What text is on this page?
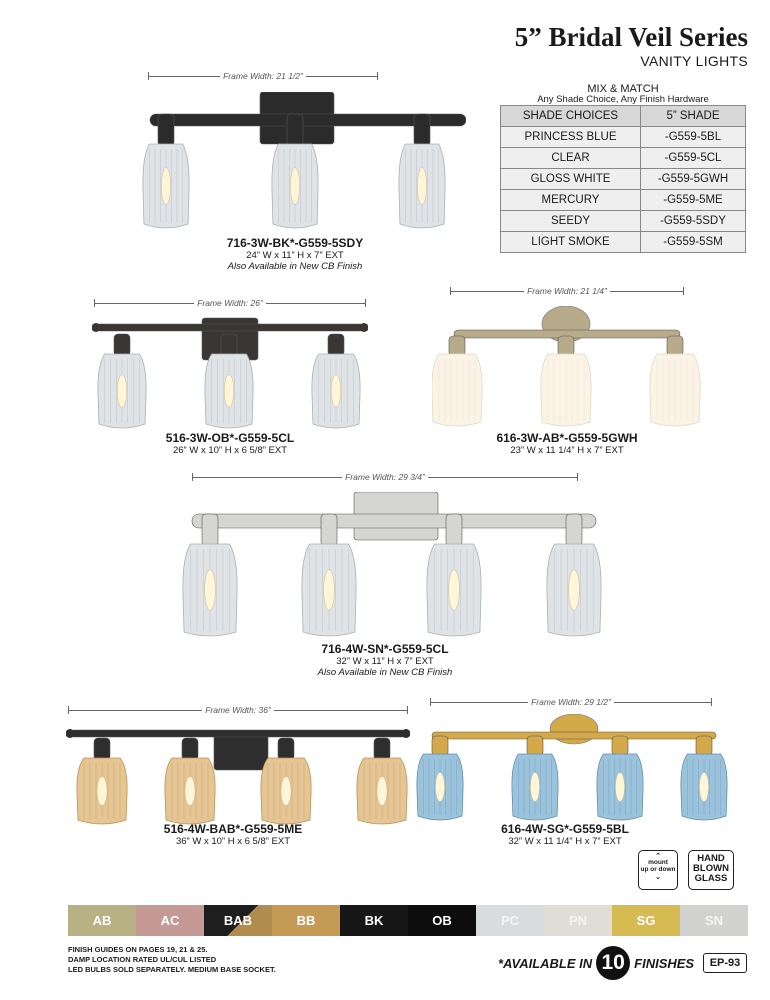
5” Bridal Veil Series
VANITY LIGHTS
MIX & MATCH
Any Shade Choice, Any Finish Hardware
SHADE CHOICES	5” SHADE
PRINCESS BLUE	-G559-5BL
CLEAR	-G559-5CL
GLOSS WHITE	-G559-5GWH
MERCURY	-G559-5ME
SEEDY	-G559-5SDY
LIGHT SMOKE	-G559-5SM
Frame Width: 21 1/2”
716-3W-BK*-G559-5SDY
24” W x 11” H x 7” EXT
Also Available in New CB Finish
Frame Width: 26”
516-3W-OB*-G559-5CL
26” W x 10” H x 6 5/8” EXT
Frame Width: 21 1/4”
616-3W-AB*-G559-5GWH
23” W x 11 1/4” H x 7” EXT
Frame Width: 29 3/4”
716-4W-SN*-G559-5CL
32” W x 11” H x 7” EXT
Also Available in New CB Finish
Frame Width: 36”
516-4W-BAB*-G559-5ME
36” W x 10” H x 6 5/8” EXT
Frame Width: 29 1/2”
616-4W-SG*-G559-5BL
32” W x 11 1/4” H x 7” EXT
⌃
mount
up or down
⌄
HAND
BLOWN
GLASS
AB	AC	BAB	BB	BK	OB	PC	PN	SG	SN
FINISH GUIDES ON PAGES 19, 21 & 25.
DAMP LOCATION RATED UL/CUL LISTED
LED BULBS SOLD SEPARATELY. MEDIUM BASE SOCKET.	*AVAILABLE IN 10 FINISHES	EP-93
